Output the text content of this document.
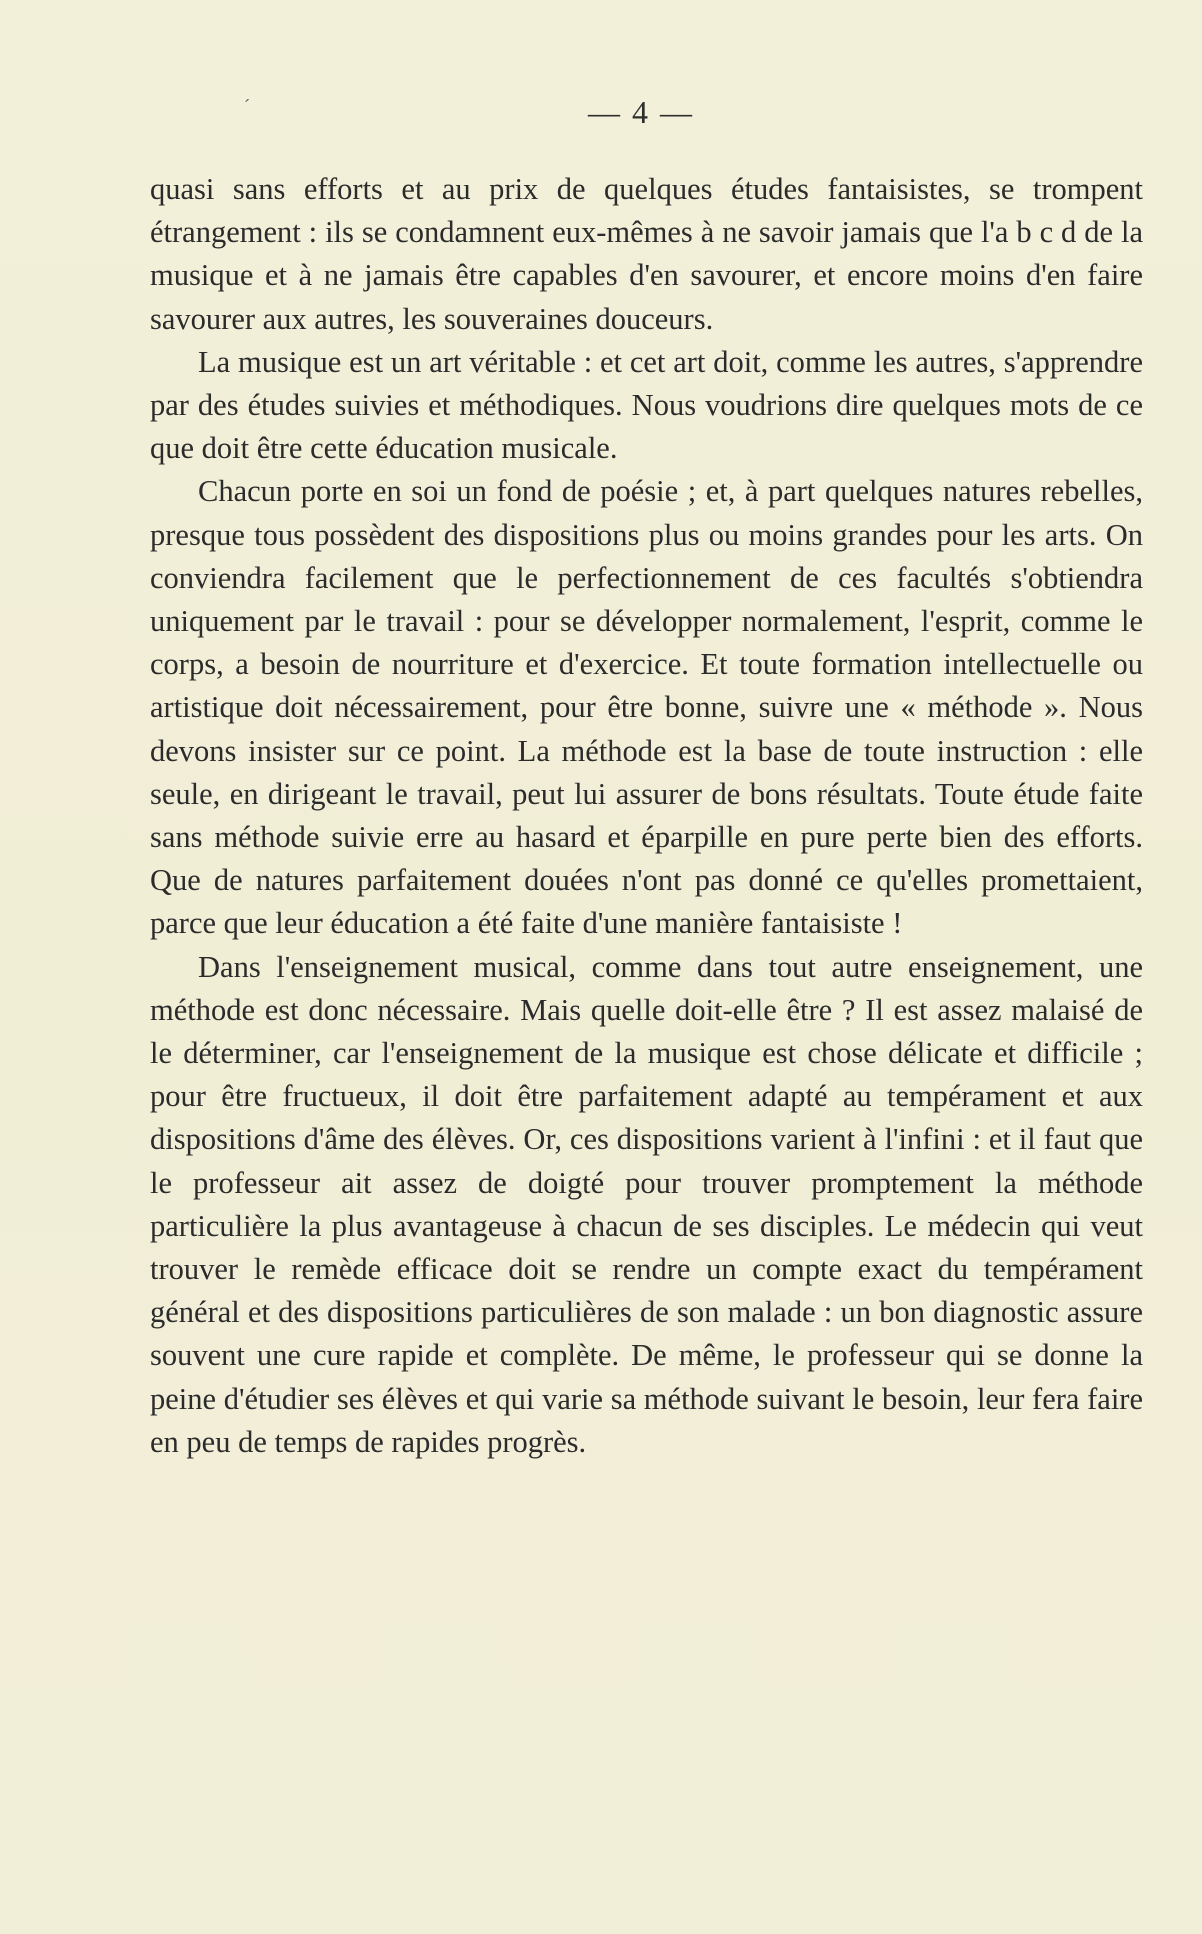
ˊ	— 4 —

quasi sans efforts et au prix de quelques études fantaisistes, se trompent étrangement : ils se condamnent eux-mêmes à ne savoir jamais que l'a b c d de la musique et à ne jamais être capables d'en savourer, et encore moins d'en faire savourer aux autres, les souveraines douceurs.

La musique est un art véritable : et cet art doit, comme les autres, s'apprendre par des études suivies et méthodiques. Nous voudrions dire quelques mots de ce que doit être cette éducation musicale.

Chacun porte en soi un fond de poésie ; et, à part quelques natures rebelles, presque tous possèdent des dispositions plus ou moins grandes pour les arts. On conviendra facilement que le perfectionnement de ces facultés s'obtiendra uniquement par le travail : pour se développer normalement, l'esprit, comme le corps, a besoin de nourriture et d'exercice. Et toute formation intellectuelle ou artistique doit nécessairement, pour être bonne, suivre une « méthode ». Nous devons insister sur ce point. La méthode est la base de toute instruction : elle seule, en dirigeant le travail, peut lui assurer de bons résultats. Toute étude faite sans méthode suivie erre au hasard et éparpille en pure perte bien des efforts. Que de natures parfaitement douées n'ont pas donné ce qu'elles promettaient, parce que leur éducation a été faite d'une manière fantaisiste !

Dans l'enseignement musical, comme dans tout autre enseignement, une méthode est donc nécessaire. Mais quelle doit-elle être ? Il est assez malaisé de le déterminer, car l'enseignement de la musique est chose délicate et difficile ; pour être fructueux, il doit être parfaitement adapté au tempérament et aux dispositions d'âme des élèves. Or, ces dispositions varient à l'infini : et il faut que le professeur ait assez de doigté pour trouver promptement la méthode particulière la plus avantageuse à chacun de ses disciples. Le médecin qui veut trouver le remède efficace doit se rendre un compte exact du tempérament général et des dispositions particulières de son malade : un bon diagnostic assure souvent une cure rapide et complète. De même, le professeur qui se donne la peine d'étudier ses élèves et qui varie sa méthode suivant le besoin, leur fera faire en peu de temps de rapides progrès.
